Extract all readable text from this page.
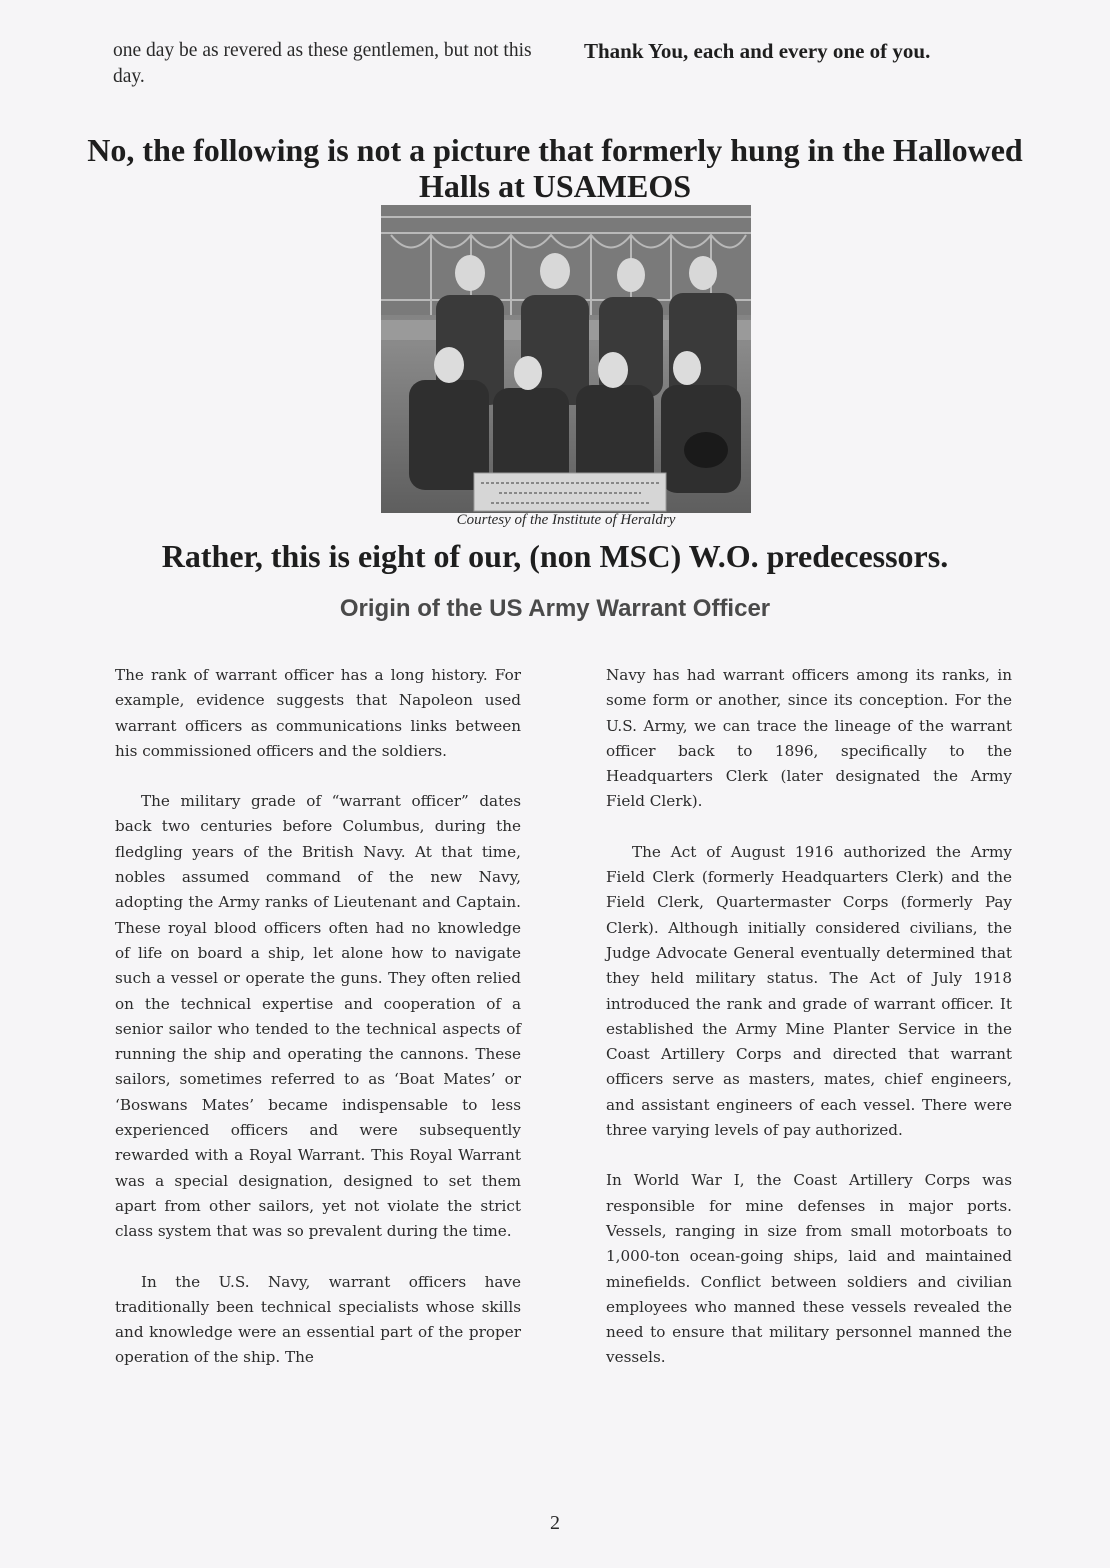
one day be as revered as these gentlemen, but not this day.
Thank You, each and every one of you.
No, the following is not a picture that formerly hung in the Hallowed Halls at USAMEOS
Courtesy of the Institute of Heraldry
Rather, this is eight of our, (non MSC) W.O. predecessors.
Origin of the US Army Warrant Officer

The rank of warrant officer has a long history. For example, evidence suggests that Napoleon used warrant officers as communications links between his commissioned officers and the soldiers.

The military grade of “warrant officer” dates back two centuries before Columbus, during the fledgling years of the British Navy. At that time, nobles assumed command of the new Navy, adopting the Army ranks of Lieutenant and Captain. These royal blood officers often had no knowledge of life on board a ship, let alone how to navigate such a vessel or operate the guns. They often relied on the technical expertise and cooperation of a senior sailor who tended to the technical aspects of running the ship and operating the cannons. These sailors, sometimes referred to as ‘Boat Mates’ or ‘Boswans Mates’ became indispensable to less experienced officers and were subsequently rewarded with a Royal Warrant. This Royal Warrant was a special designation, designed to set them apart from other sailors, yet not violate the strict class system that was so prevalent during the time.

In the U.S. Navy, warrant officers have traditionally been technical specialists whose skills and knowledge were an essential part of the proper operation of the ship. The

Navy has had warrant officers among its ranks, in some form or another, since its conception. For the U.S. Army, we can trace the lineage of the warrant officer back to 1896, specifically to the Headquarters Clerk (later designated the Army Field Clerk).

The Act of August 1916 authorized the Army Field Clerk (formerly Headquarters Clerk) and the Field Clerk, Quartermaster Corps (formerly Pay Clerk). Although initially considered civilians, the Judge Advocate General eventually determined that they held military status. The Act of July 1918 introduced the rank and grade of warrant officer. It established the Army Mine Planter Service in the Coast Artillery Corps and directed that warrant officers serve as masters, mates, chief engineers, and assistant engineers of each vessel. There were three varying levels of pay authorized.

In World War I, the Coast Artillery Corps was responsible for mine defenses in major ports. Vessels, ranging in size from small motorboats to 1,000-ton ocean-going ships, laid and maintained minefields. Conflict between soldiers and civilian employees who manned these vessels revealed the need to ensure that military personnel manned the vessels.

2
